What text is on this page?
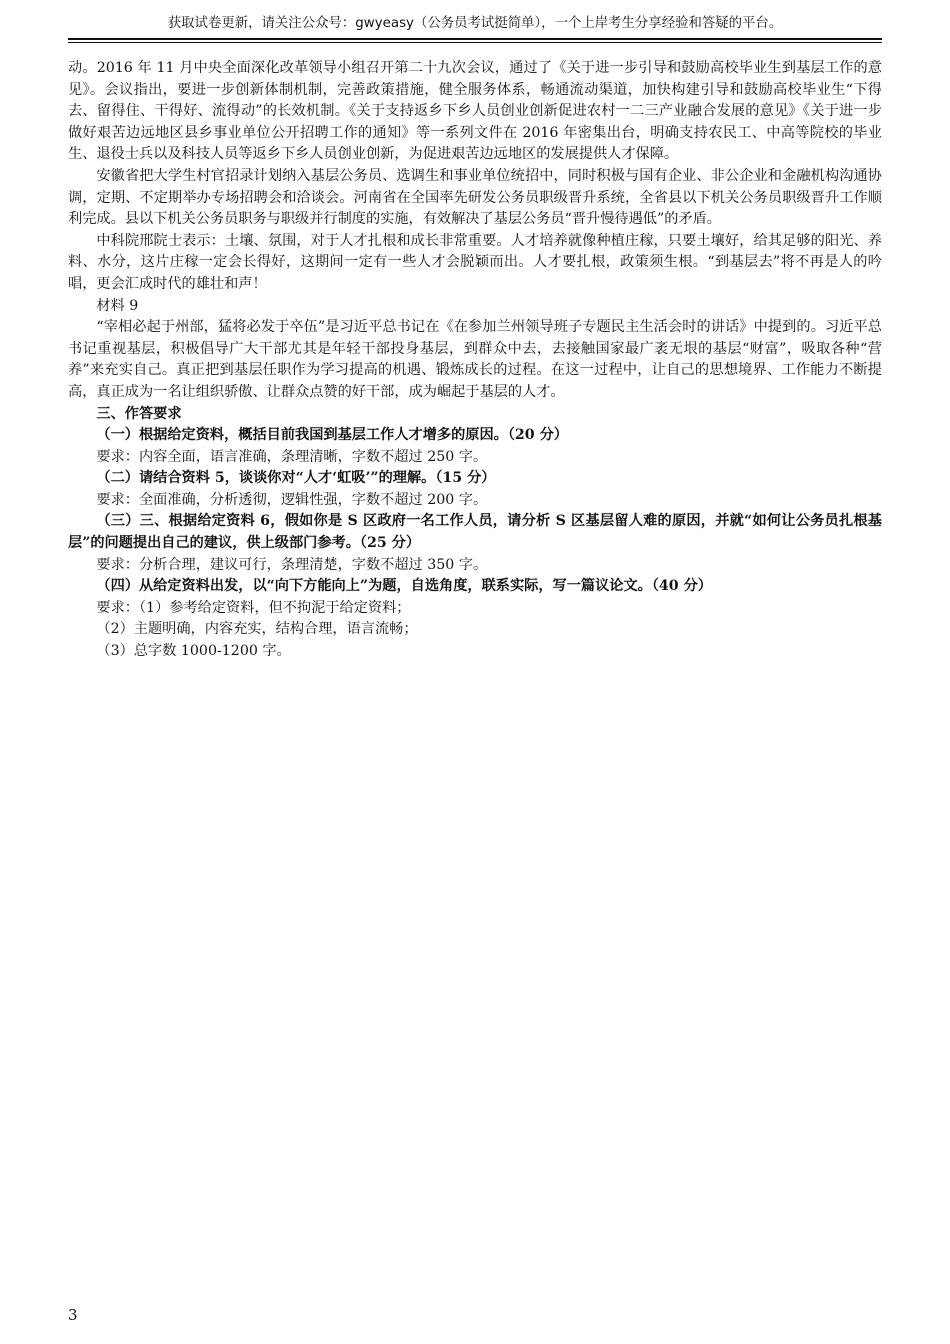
获取试卷更新，请关注公众号：gwyeasy（公务员考试挺简单），一个上岸考生分享经验和答疑的平台。

动。2016 年 11 月中央全面深化改革领导小组召开第二十九次会议，通过了《关于进一步引导和鼓励高校毕业生到基层工作的意见》。会议指出，要进一步创新体制机制，完善政策措施，健全服务体系，畅通流动渠道，加快构建引导和鼓励高校毕业生“下得去、留得住、干得好、流得动”的长效机制。《关于支持返乡下乡人员创业创新促进农村一二三产业融合发展的意见》《关于进一步做好艰苦边远地区县乡事业单位公开招聘工作的通知》等一系列文件在 2016 年密集出台，明确支持农民工、中高等院校的毕业生、退役士兵以及科技人员等返乡下乡人员创业创新，为促进艰苦边远地区的发展提供人才保障。

安徽省把大学生村官招录计划纳入基层公务员、选调生和事业单位统招中，同时积极与国有企业、非公企业和金融机构沟通协调，定期、不定期举办专场招聘会和洽谈会。河南省在全国率先研发公务员职级晋升系统，全省县以下机关公务员职级晋升工作顺利完成。县以下机关公务员职务与职级并行制度的实施，有效解决了基层公务员“晋升慢待遇低”的矛盾。

中科院邢院士表示：土壤、氛围，对于人才扎根和成长非常重要。人才培养就像种植庄稼，只要土壤好，给其足够的阳光、养料、水分，这片庄稼一定会长得好，这期间一定有一些人才会脱颖而出。人才要扎根，政策须生根。“到基层去”将不再是人的吟唱，更会汇成时代的雄壮和声！

材料 9

“宰相必起于州部，猛将必发于卒伍”是习近平总书记在《在参加兰州领导班子专题民主生活会时的讲话》中提到的。习近平总书记重视基层，积极倡导广大干部尤其是年轻干部投身基层，到群众中去，去接触国家最广袤无垠的基层“财富”，吸取各种“营养”来充实自己。真正把到基层任职作为学习提高的机遇、锻炼成长的过程。在这一过程中，让自己的思想境界、工作能力不断提高，真正成为一名让组织骄傲、让群众点赞的好干部，成为崛起于基层的人才。

三、作答要求

（一）根据给定资料，概括目前我国到基层工作人才增多的原因。（20 分）

要求：内容全面，语言准确，条理清晰，字数不超过 250 字。

（二）请结合资料 5，谈谈你对“人才‘虹吸’”的理解。（15 分）

要求：全面准确，分析透彻，逻辑性强，字数不超过 200 字。

（三）三、根据给定资料 6，假如你是 S 区政府一名工作人员，请分析 S 区基层留人难的原因，并就“如何让公务员扎根基层”的问题提出自己的建议，供上级部门参考。（25 分）

要求：分析合理，建议可行，条理清楚，字数不超过 350 字。

（四）从给定资料出发，以“向下方能向上”为题，自选角度，联系实际，写一篇议论文。（40 分）

要求：（1）参考给定资料，但不拘泥于给定资料；

（2）主题明确，内容充实，结构合理，语言流畅；

（3）总字数 1000-1200 字。

3
